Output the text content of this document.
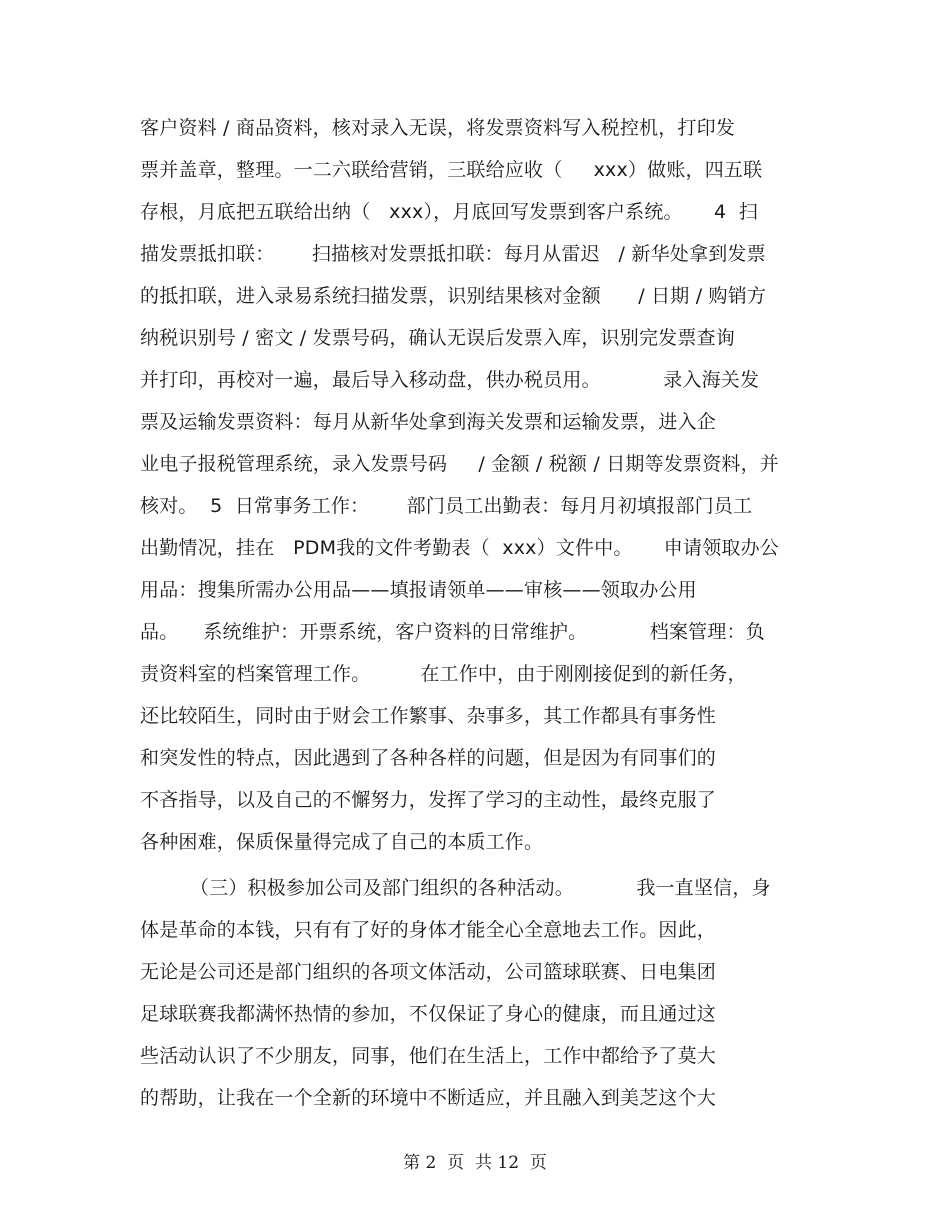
客户资料 / 商品资料，核对录入无误，将发票资料写入税控机，打印发
票并盖章，整理。一二六联给营销，三联给应收（     xxx）做账，四五联
存根，月底把五联给出纳（   xxx），月底回写发票到客户系统。     4  扫
描发票抵扣联：      扫描核对发票抵扣联：每月从雷迟   / 新华处拿到发票
的抵扣联，进入录易系统扫描发票，识别结果核对金额      / 日期 / 购销方
纳税识别号 / 密文 / 发票号码，确认无误后发票入库，识别完发票查询
并打印，再校对一遍，最后导入移动盘，供办税员用。          录入海关发
票及运输发票资料：每月从新华处拿到海关发票和运输发票，进入企
业电子报税管理系统，录入发票号码     / 金额 / 税额 / 日期等发票资料，并
核对。  5  日常事务工作：      部门员工出勤表：每月月初填报部门员工
出勤情况，挂在   PDM我的文件考勤表（  xxx）文件中。     申请领取办公
用品：搜集所需办公用品——填报请领单——审核——领取办公用
品。    系统维护：开票系统，客户资料的日常维护。          档案管理：负
责资料室的档案管理工作。        在工作中，由于刚刚接促到的新任务，
还比较陌生，同时由于财会工作繁事、杂事多，其工作都具有事务性
和突发性的特点，因此遇到了各种各样的问题，但是因为有同事们的
不吝指导，以及自己的不懈努力，发挥了学习的主动性，最终克服了
各种困难，保质保量得完成了自己的本质工作。
（三）积极参加公司及部门组织的各种活动。          我一直坚信，身
体是革命的本钱，只有有了好的身体才能全心全意地去工作。因此，
无论是公司还是部门组织的各项文体活动，公司篮球联赛、日电集团
足球联赛我都满怀热情的参加，不仅保证了身心的健康，而且通过这
些活动认识了不少朋友，同事，他们在生活上，工作中都给予了莫大
的帮助，让我在一个全新的环境中不断适应，并且融入到美芝这个大
第 2  页  共 12  页
